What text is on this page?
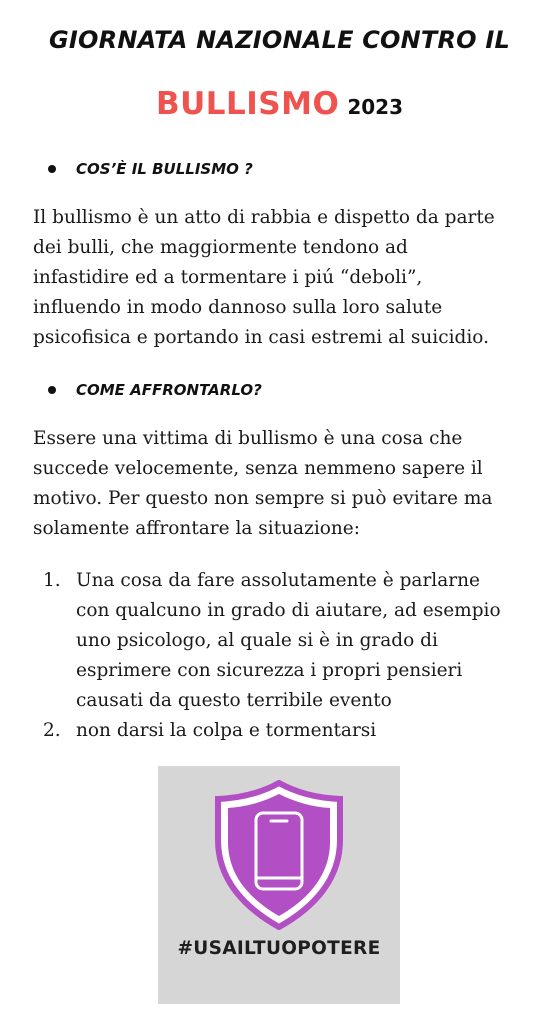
GIORNATA NAZIONALE CONTRO IL
BULLISMO 2023
COS’È IL BULLISMO ?
Il bullismo è un atto di rabbia e dispetto da parte
dei bulli, che maggiormente tendono ad
infastidire ed a tormentare i piú “deboli”,
influendo in modo dannoso sulla loro salute
psicofisica e portando in casi estremi al suicidio.
COME AFFRONTARLO?
Essere una vittima di bullismo è una cosa che
succede velocemente, senza nemmeno sapere il
motivo. Per questo non sempre si può evitare ma
solamente affrontare la situazione:
1. Una cosa da fare assolutamente è parlarne
con qualcuno in grado di aiutare, ad esempio
uno psicologo, al quale si è in grado di
esprimere con sicurezza i propri pensieri
causati da questo terribile evento
2. non darsi la colpa e tormentarsi
#USAILTUOPOTERE
